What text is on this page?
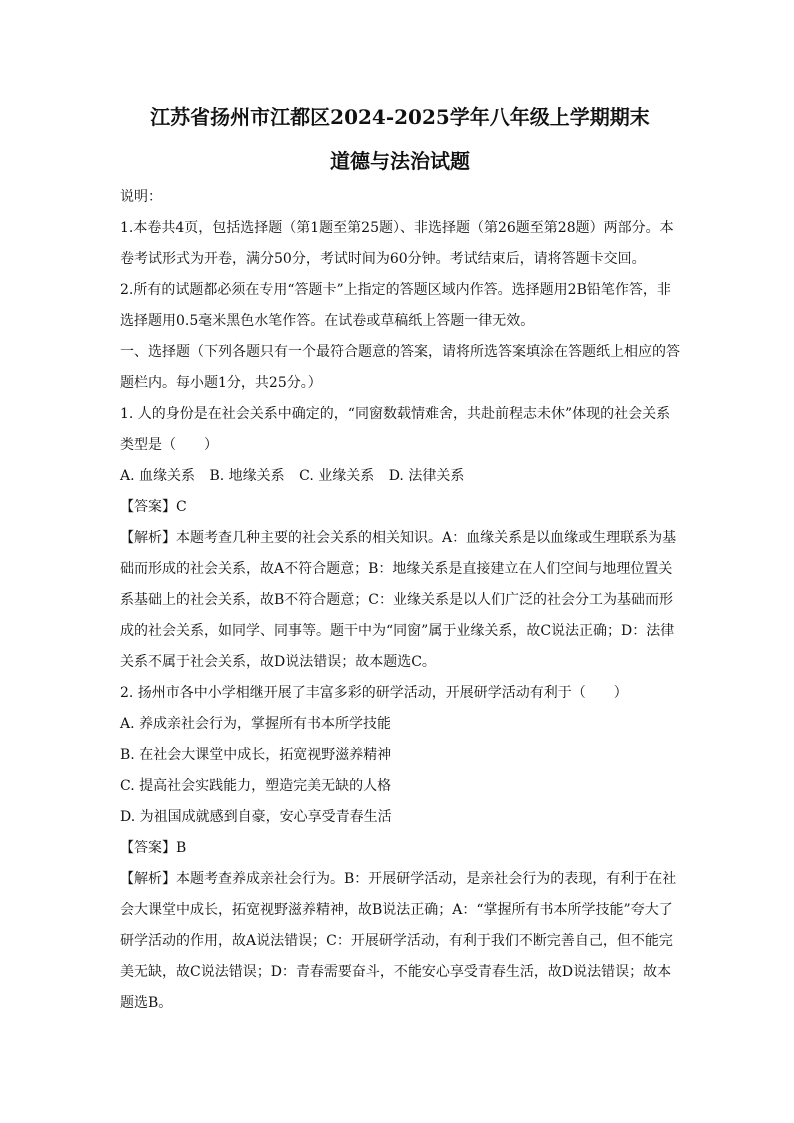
江苏省扬州市江都区2024-2025学年八年级上学期期末
道德与法治试题

说明：

1.本卷共4页，包括选择题（第1题至第25题）、非选择题（第26题至第28题）两部分。本卷考试形式为开卷，满分50分，考试时间为60分钟。考试结束后，请将答题卡交回。

2.所有的试题都必须在专用“答题卡”上指定的答题区域内作答。选择题用2B铅笔作答，非选择题用0.5毫米黑色水笔作答。在试卷或草稿纸上答题一律无效。

一、选择题（下列各题只有一个最符合题意的答案，请将所选答案填涂在答题纸上相应的答题栏内。每小题1分，共25分。）

1. 人的身份是在社会关系中确定的，“同窗数载情难舍，共赴前程志未休”体现的社会关系类型是（　　）

A. 血缘关系 B. 地缘关系 C. 业缘关系 D. 法律关系

【答案】C

【解析】本题考查几种主要的社会关系的相关知识。A：血缘关系是以血缘或生理联系为基础而形成的社会关系，故A不符合题意；B：地缘关系是直接建立在人们空间与地理位置关系基础上的社会关系，故B不符合题意；C：业缘关系是以人们广泛的社会分工为基础而形成的社会关系，如同学、同事等。题干中为“同窗”属于业缘关系，故C说法正确；D：法律关系不属于社会关系，故D说法错误；故本题选C。

2. 扬州市各中小学相继开展了丰富多彩的研学活动，开展研学活动有利于（　　）

A. 养成亲社会行为，掌握所有书本所学技能

B. 在社会大课堂中成长，拓宽视野滋养精神

C. 提高社会实践能力，塑造完美无缺的人格

D. 为祖国成就感到自豪，安心享受青春生活

【答案】B

【解析】本题考查养成亲社会行为。B：开展研学活动，是亲社会行为的表现，有利于在社会大课堂中成长，拓宽视野滋养精神，故B说法正确；A：“掌握所有书本所学技能”夸大了研学活动的作用，故A说法错误；C：开展研学活动，有利于我们不断完善自己，但不能完美无缺，故C说法错误；D：青春需要奋斗，不能安心享受青春生活，故D说法错误；故本题选B。
